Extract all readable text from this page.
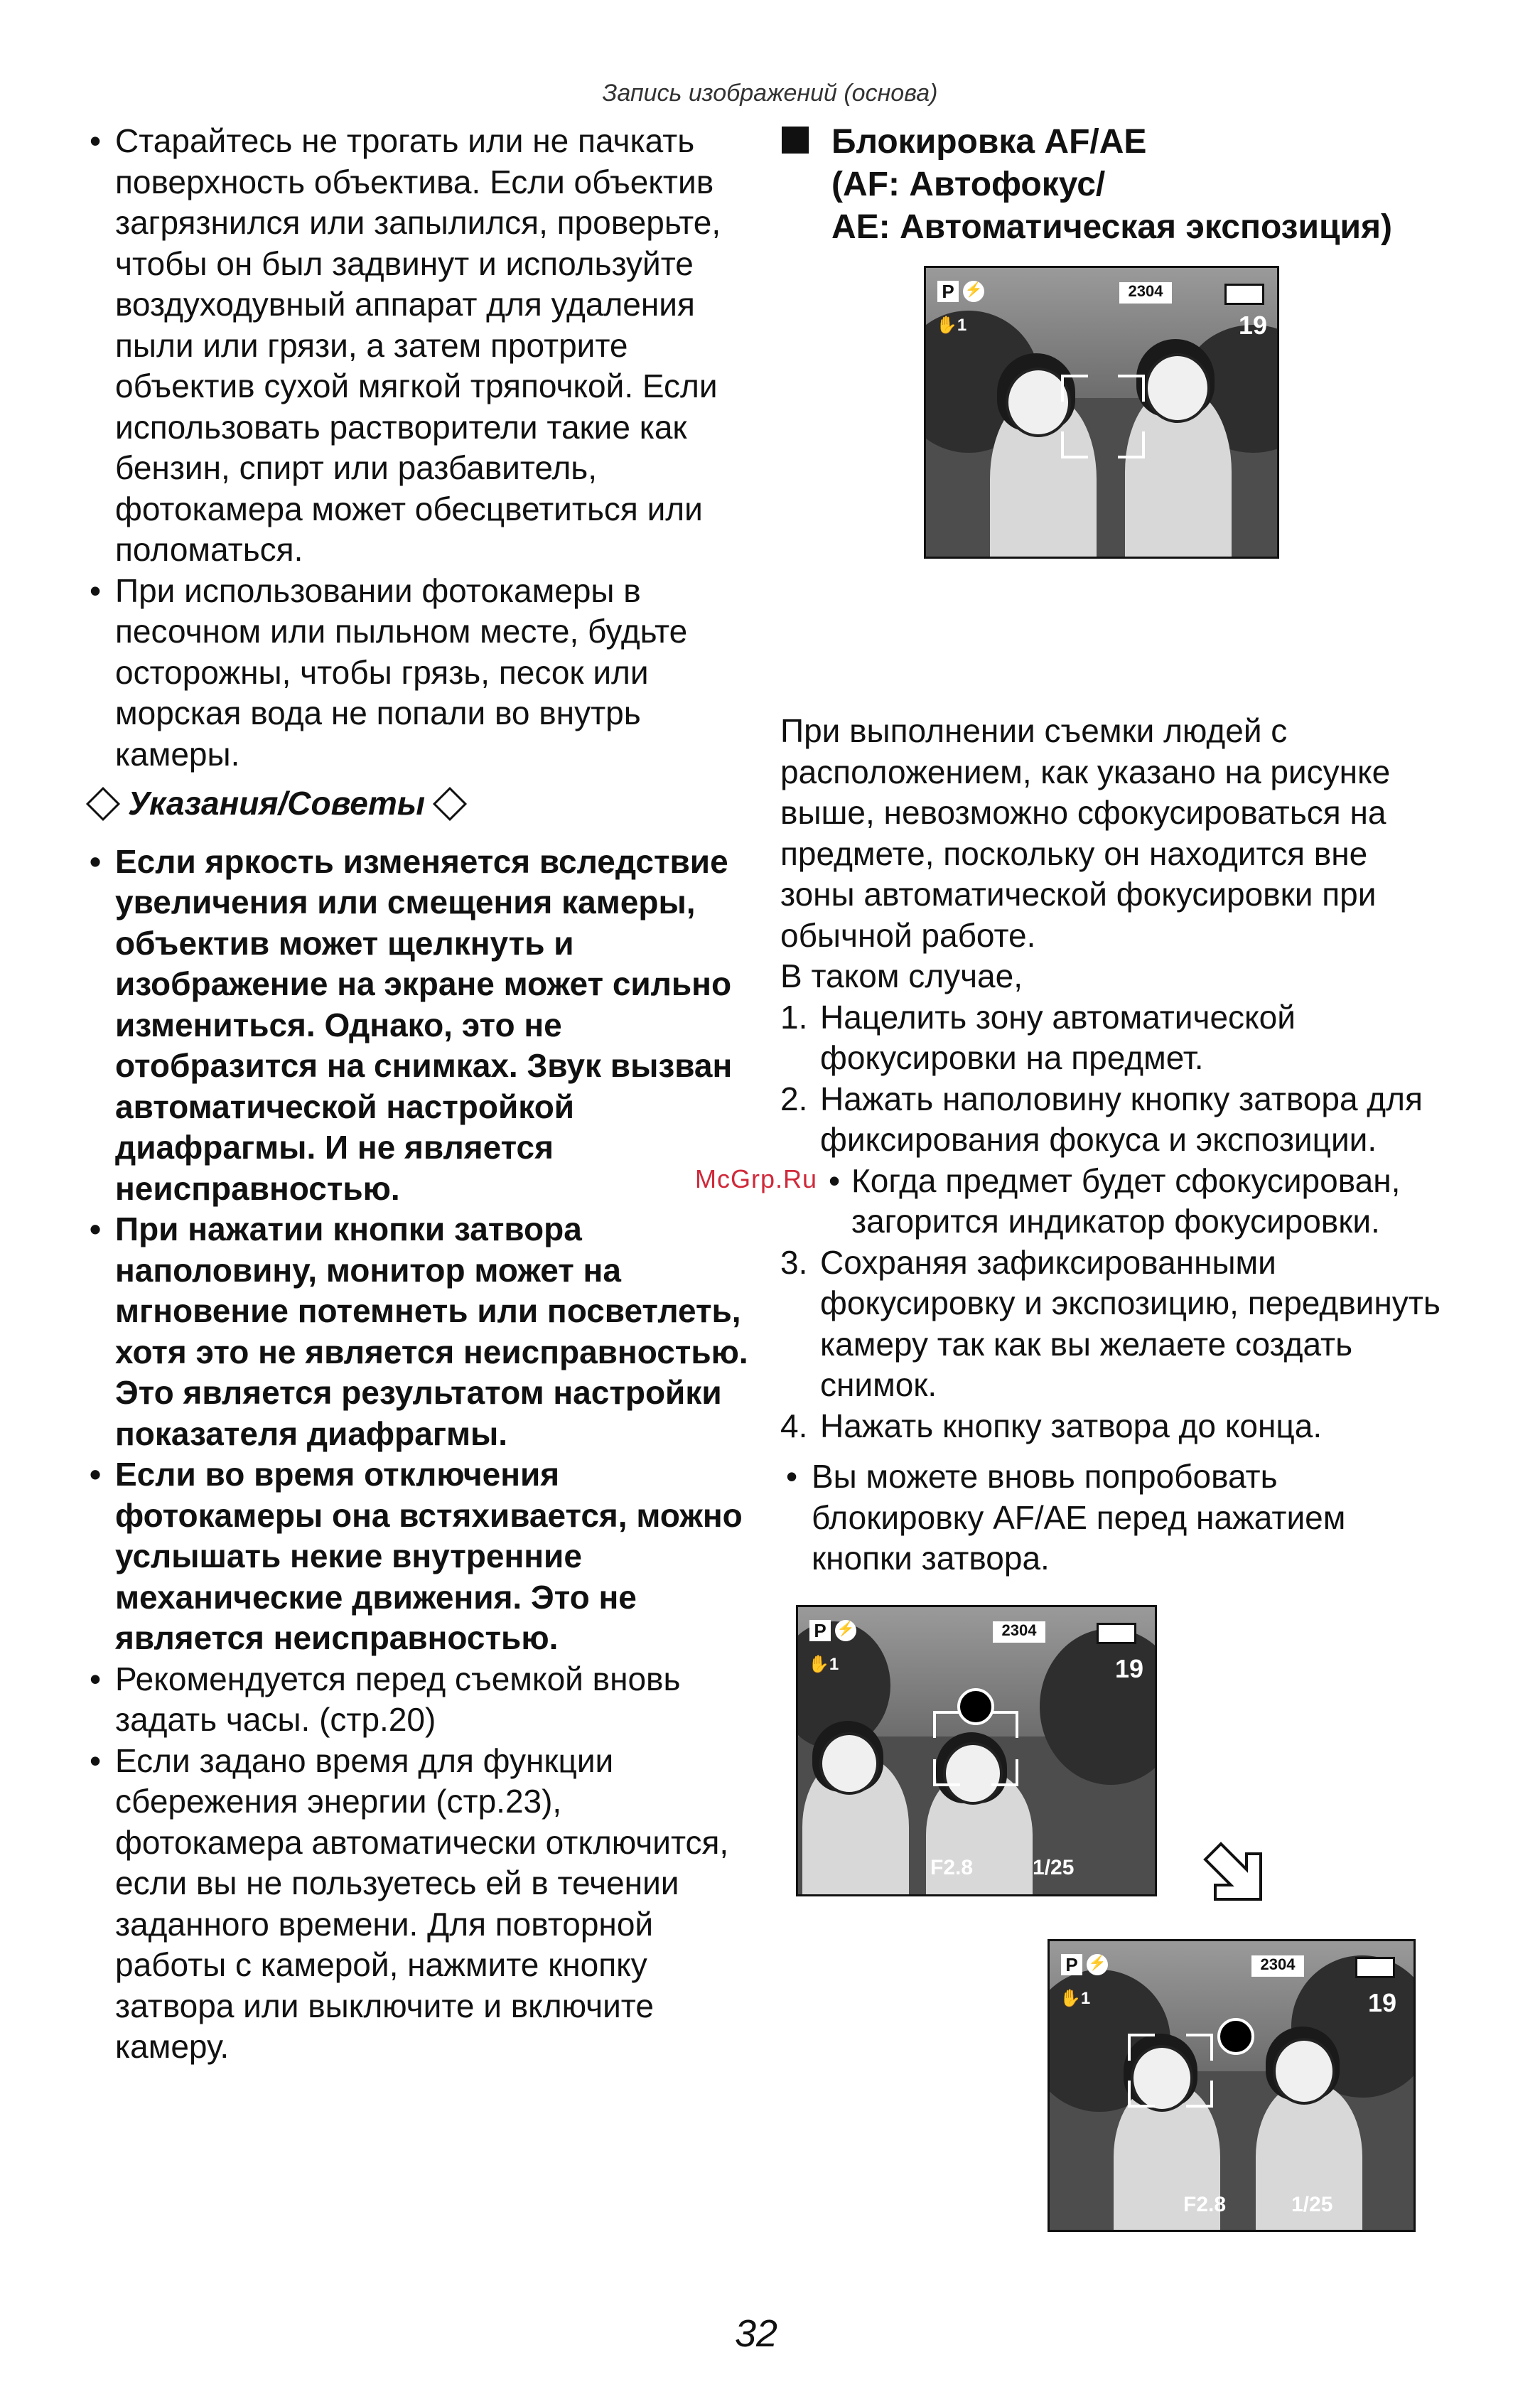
Запись изображений (основа)
• Старайтесь не трогать или не пачкать поверхность объектива. Если объектив загрязнился или запылился, проверьте, чтобы он был задвинут и используйте воздуходувный аппарат для удаления пыли или грязи, а затем протрите объектив сухой мягкой тряпочкой. Если использовать растворители такие как бензин, спирт или разбавитель, фотокамера может обесцветиться или поломаться.
• При использовании фотокамеры в песочном или пыльном месте, будьте осторожны, чтобы грязь, песок или морская вода не попали во внутрь камеры.
Указания/Советы
• Если яркость изменяется вследствие увеличения или смещения камеры, объектив может щелкнуть и изображение на экране может сильно измениться. Однако, это не отобразится на снимках. Звук вызван автоматической настройкой диафрагмы. И не является неисправностью.
• При нажатии кнопки затвора наполовину, монитор может на мгновение потемнеть или посветлеть, хотя это не является неисправностью. Это является результатом настройки показателя диафрагмы.
• Если во время отключения фотокамеры она встяхивается, можно услышать некие внутренние механические движения. Это не является неисправностью.
• Рекомендуется перед съемкой вновь задать часы. (стр.20)
• Если задано время для функции сбережения энергии (стр.23), фотокамера автоматически отключится, если вы не пользуетесь ей в течении заданного времени. Для повторной работы с камерой, нажмите кнопку затвора или выключите и включите камеру.
Блокировка AF/AE
(AF: Автофокус/
AE: Автоматическая экспозиция)

При выполнении съемки людей с расположением, как указано на рисунке выше, невозможно сфокусироваться на предмете, поскольку он находится вне зоны автоматической фокусировки при обычной работе.

В таком случае,

1. Нацелить зону автоматической фокусировки на предмет.
2. Нажать наполовину кнопку затвора для фиксирования фокуса и экспозиции.
• Когда предмет будет сфокусирован, загорится индикатор фокусировки.
3. Сохраняя зафиксированными фокусировку и экспозицию, передвинуть камеру так как вы желаете создать снимок.
4. Нажать кнопку затвора до конца.
• Вы можете вновь попробовать блокировку AF/AE перед нажатием кнопки затвора.
P ⚡
✋1
2304
19
P ⚡
✋1
2304
19
F2.8	1/25
P ⚡
✋1
2304
19
F2.8	1/25
McGrp.Ru
32
